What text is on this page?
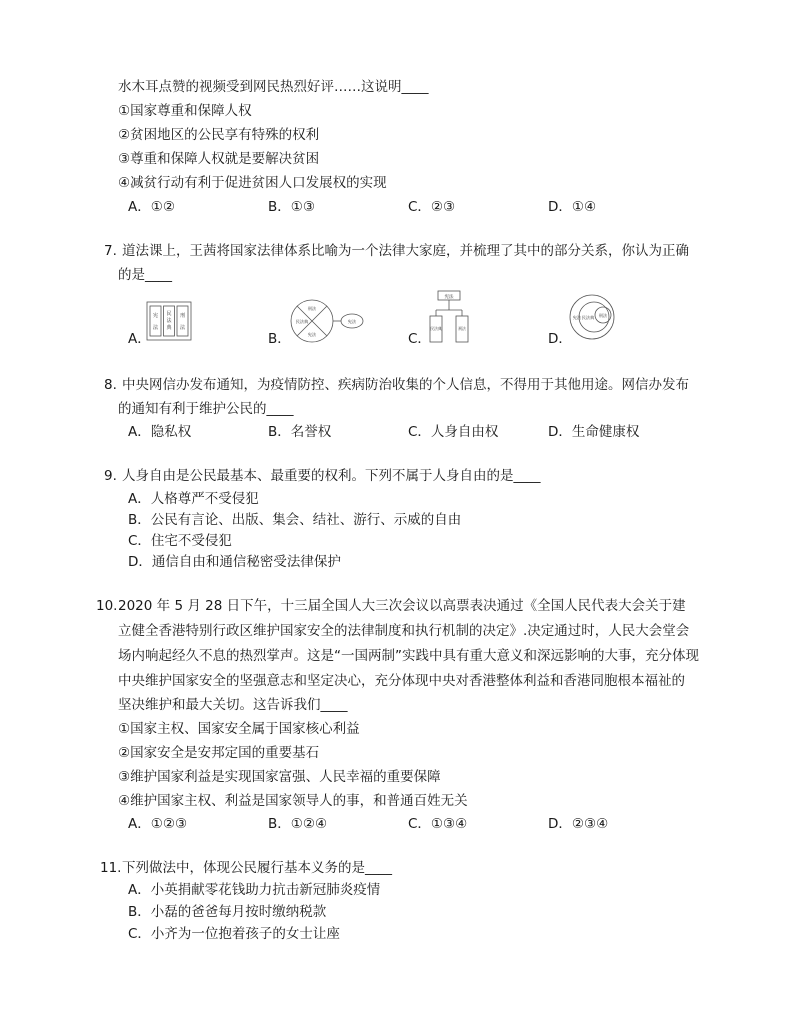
水木耳点赞的视频受到网民热烈好评……这说明____
①国家尊重和保障人权
②贫困地区的公民享有特殊的权利
③尊重和保障人权就是要解决贫困
④减贫行动有利于促进贫困人口发展权的实现
A．①②	B．①③	C．②③	D．①④
7. 道法课上，王茜将国家法律体系比喻为一个法律大家庭，并梳理了其中的部分关系，你认为正确
的是____
A．	B．	C．	D．
宪
法
民
法
典
刑
法
刑法
民法典
宪法
宪法
宪法
民法典	刑法
宪法 民法典 刑法
8. 中央网信办发布通知，为疫情防控、疾病防治收集的个人信息，不得用于其他用途。网信办发布
的通知有利于维护公民的____
A．隐私权	B．名誉权	C．人身自由权	D．生命健康权
9. 人身自由是公民最基本、最重要的权利。下列不属于人身自由的是____
A．人格尊严不受侵犯
B．公民有言论、出版、集会、结社、游行、示威的自由
C．住宅不受侵犯
D．通信自由和通信秘密受法律保护
10. 2020 年 5 月 28 日下午，十三届全国人大三次会议以高票表决通过《全国人民代表大会关于建
立健全香港特别行政区维护国家安全的法律制度和执行机制的决定》.决定通过时，人民大会堂会
场内响起经久不息的热烈掌声。这是“一国两制”实践中具有重大意义和深远影响的大事，充分体现
中央维护国家安全的坚强意志和坚定决心，充分体现中央对香港整体利益和香港同胞根本福祉的
坚决维护和最大关切。这告诉我们____
①国家主权、国家安全属于国家核心利益
②国家安全是安邦定国的重要基石
③维护国家利益是实现国家富强、人民幸福的重要保障
④维护国家主权、利益是国家领导人的事，和普通百姓无关
A．①②③	B．①②④	C．①③④	D．②③④
11. 下列做法中，体现公民履行基本义务的是____
A．小英捐献零花钱助力抗击新冠肺炎疫情
B．小磊的爸爸每月按时缴纳税款
C．小齐为一位抱着孩子的女士让座
